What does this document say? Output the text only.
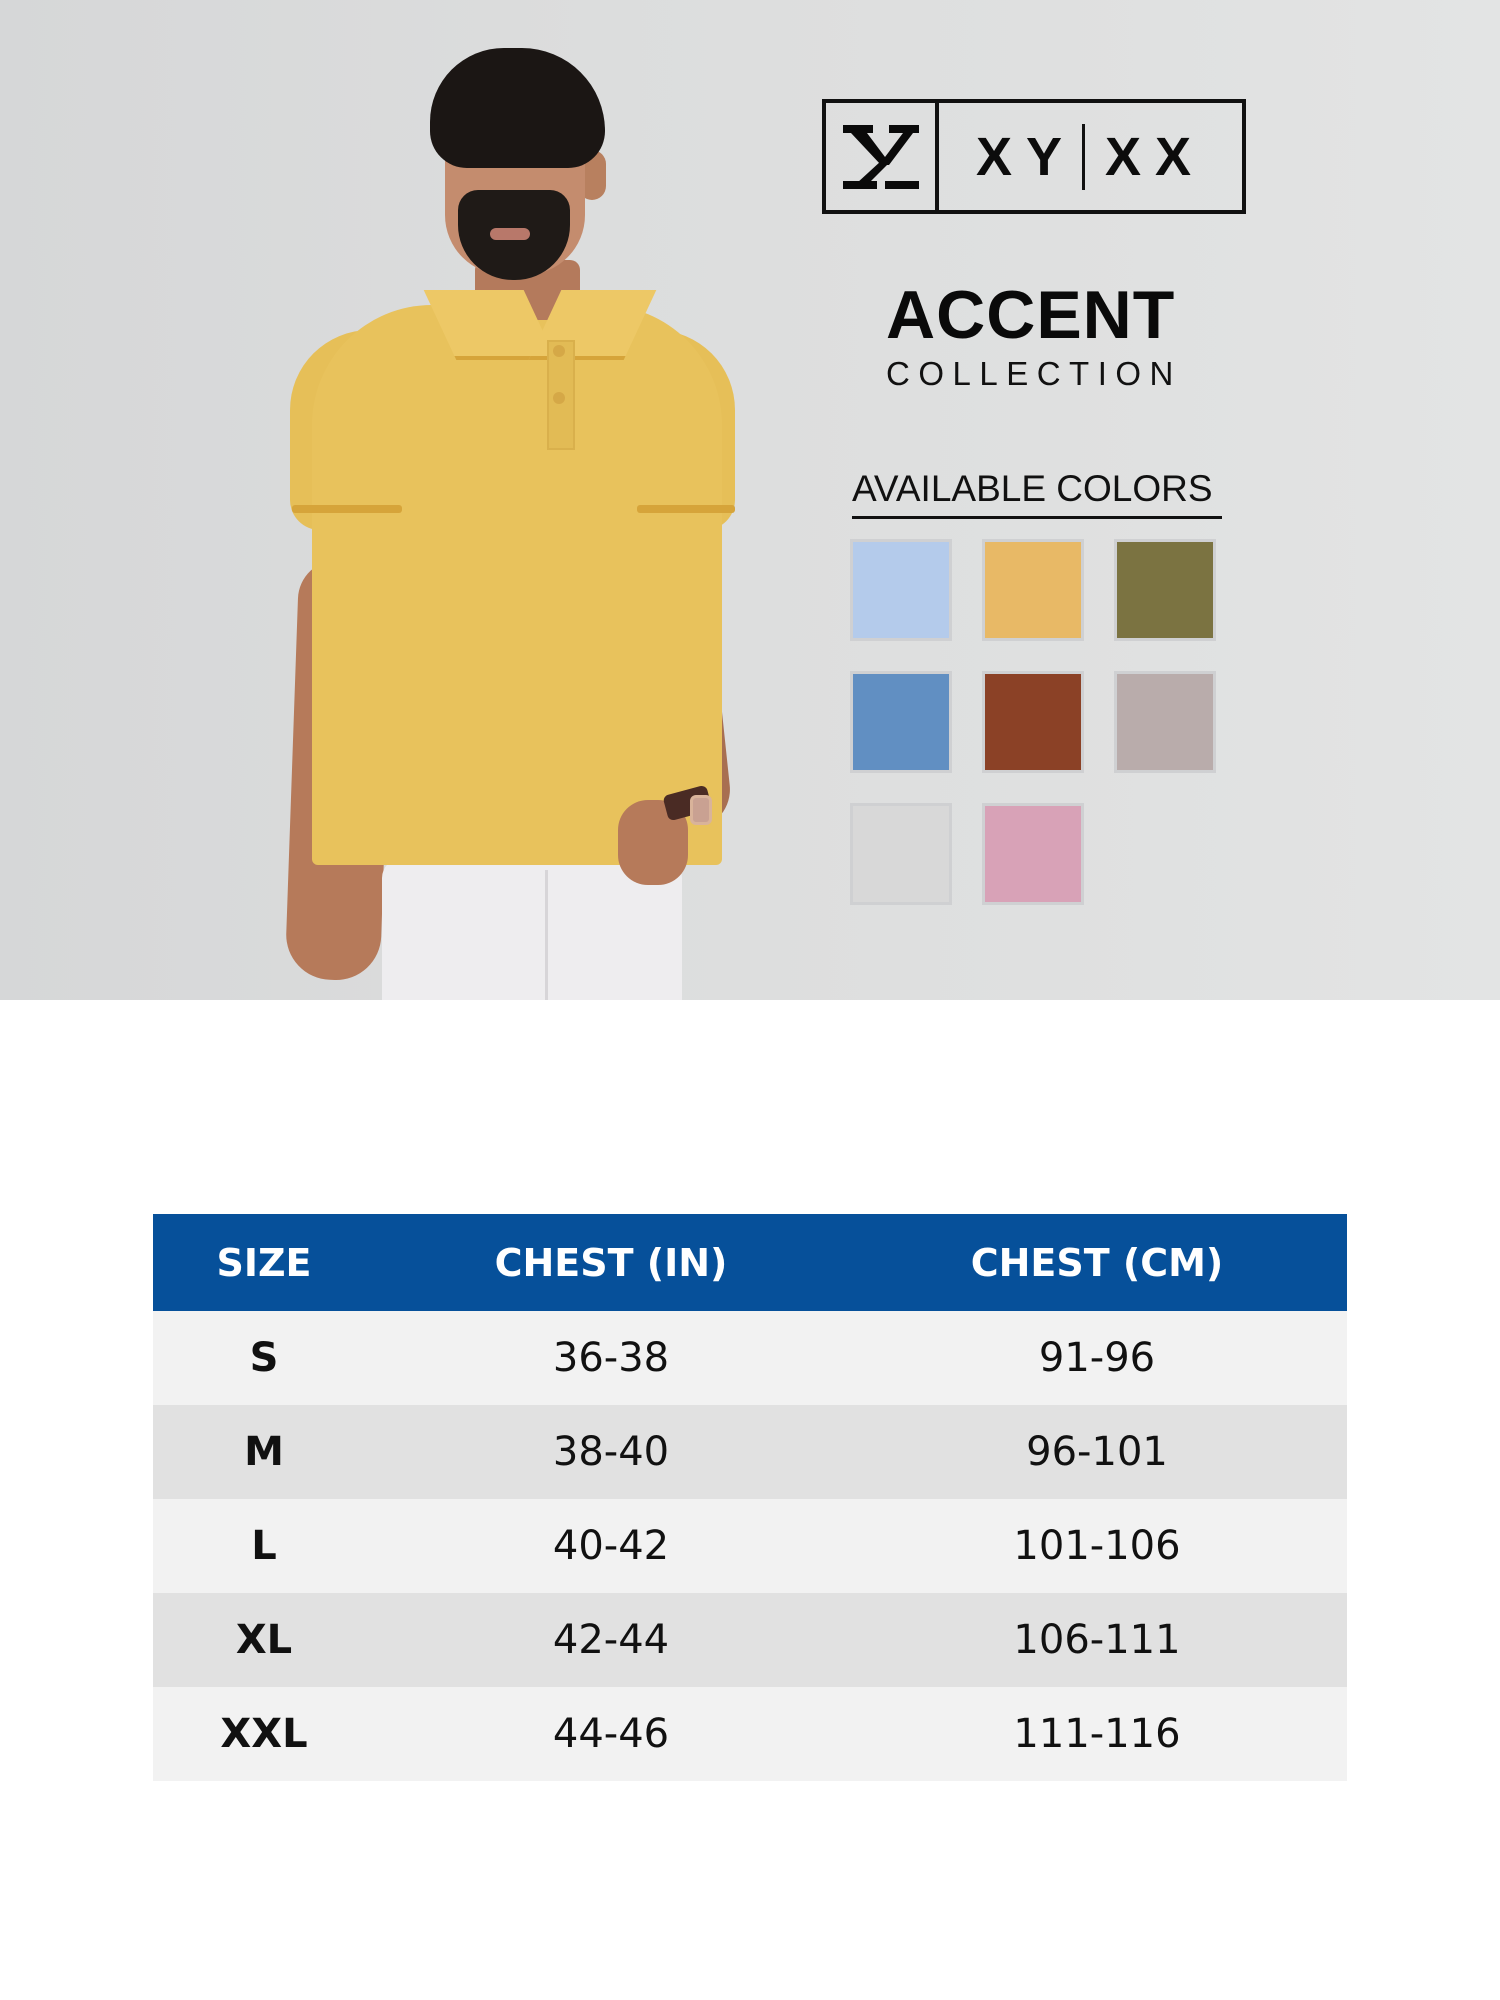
XY XX
ACCENT
COLLECTION
AVAILABLE COLORS
SIZE	CHEST (IN)	CHEST (CM)
S	36-38	91-96
M	38-40	96-101
L	40-42	101-106
XL	42-44	106-111
XXL	44-46	111-116
